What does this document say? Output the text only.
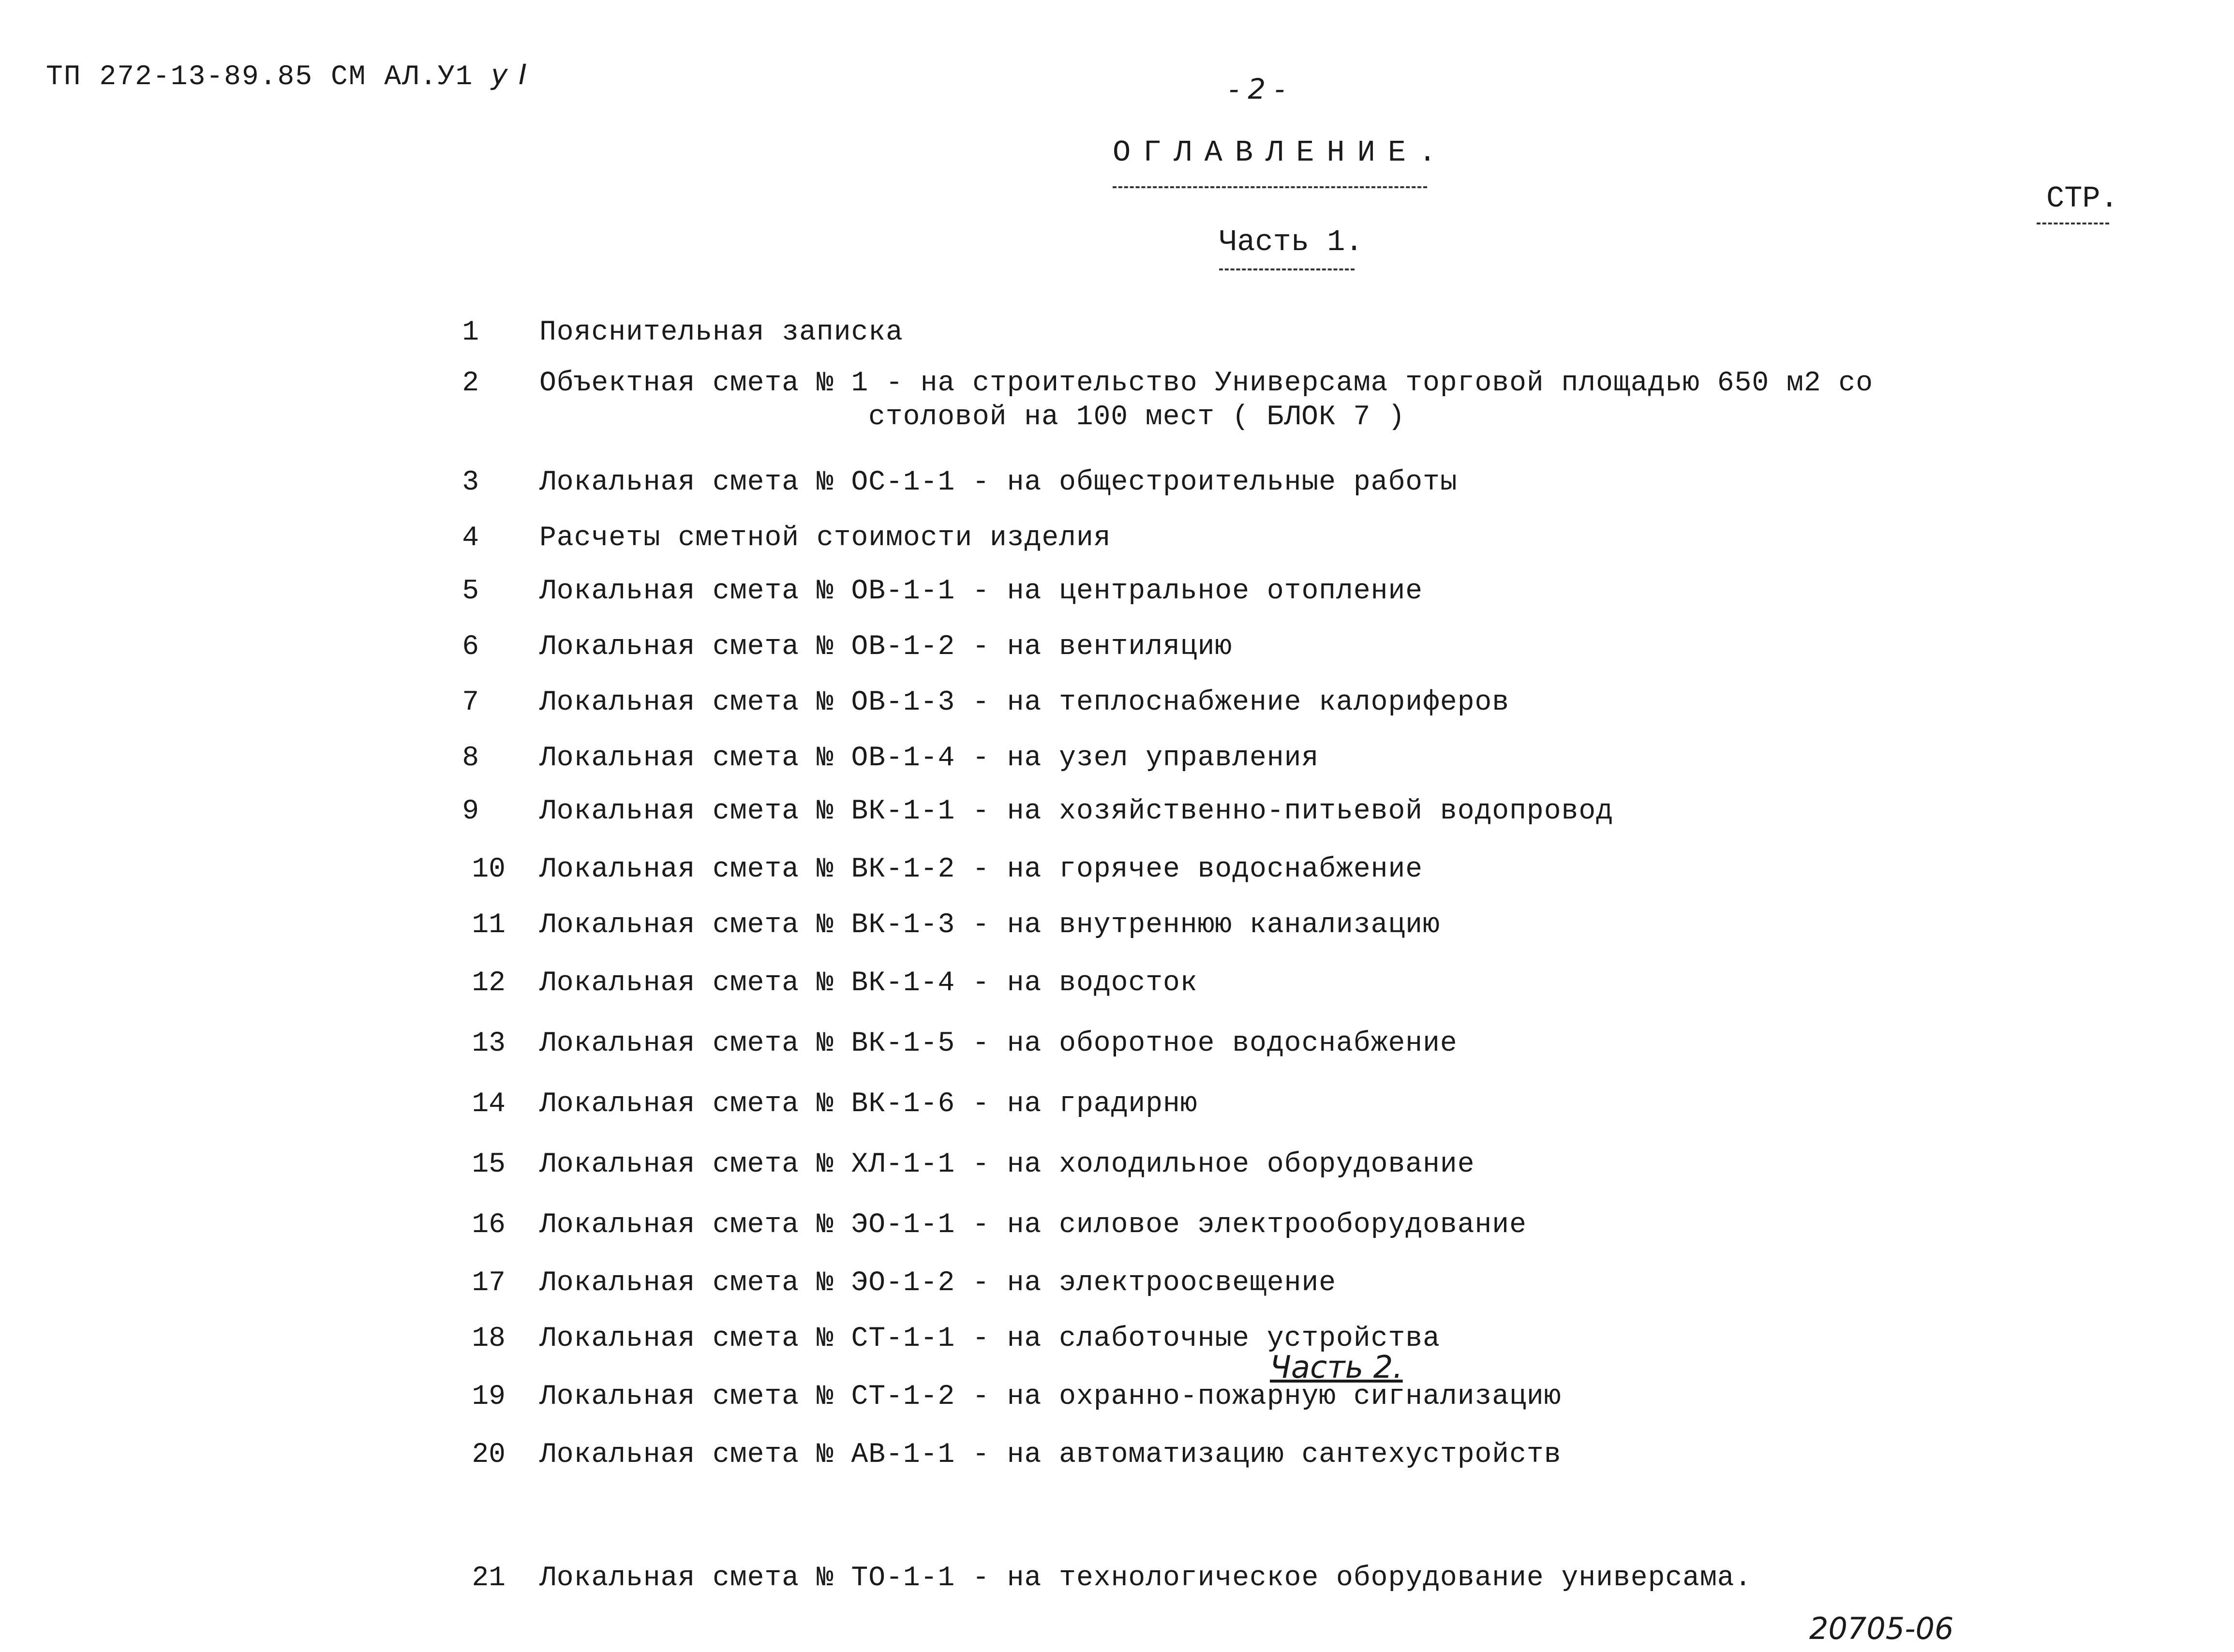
ТП 272-13-89.85 СМ АЛ.У1 у I	- 2 -
ОГЛАВЛЕНИЕ.
СТР.
Часть 1.
1 Пояснительная записка
2 Объектная смета № 1 - на строительство Универсама торговой площадью 650 м2 со
столовой на 100 мест ( БЛОК 7 )
3 Локальная смета № ОС-1-1 - на общестроительные работы
4 Расчеты сметной стоимости изделия
5 Локальная смета № ОВ-1-1 - на центральное отопление
6 Локальная смета № ОВ-1-2 - на вентиляцию
7 Локальная смета № ОВ-1-3 - на теплоснабжение калориферов
8 Локальная смета № ОВ-1-4 - на узел управления
9 Локальная смета № ВК-1-1 - на хозяйственно-питьевой водопровод
10 Локальная смета № ВК-1-2 - на горячее водоснабжение
11 Локальная смета № ВК-1-3 - на внутреннюю канализацию
12 Локальная смета № ВК-1-4 - на водосток
13 Локальная смета № ВК-1-5 - на оборотное водоснабжение
14 Локальная смета № ВК-1-6 - на градирню
15 Локальная смета № ХЛ-1-1 - на холодильное оборудование
16 Локальная смета № ЭО-1-1 - на силовое электрооборудование
17 Локальная смета № ЭО-1-2 - на электроосвещение
18 Локальная смета № СТ-1-1 - на слаботочные устройства
19 Локальная смета № СТ-1-2 - на охранно-пожарную сигнализацию
20 Локальная смета № АВ-1-1 - на автоматизацию сантехустройств
21 Локальная смета № ТО-1-1 - на технологическое оборудование универсама.
Часть 2.
20705-06
